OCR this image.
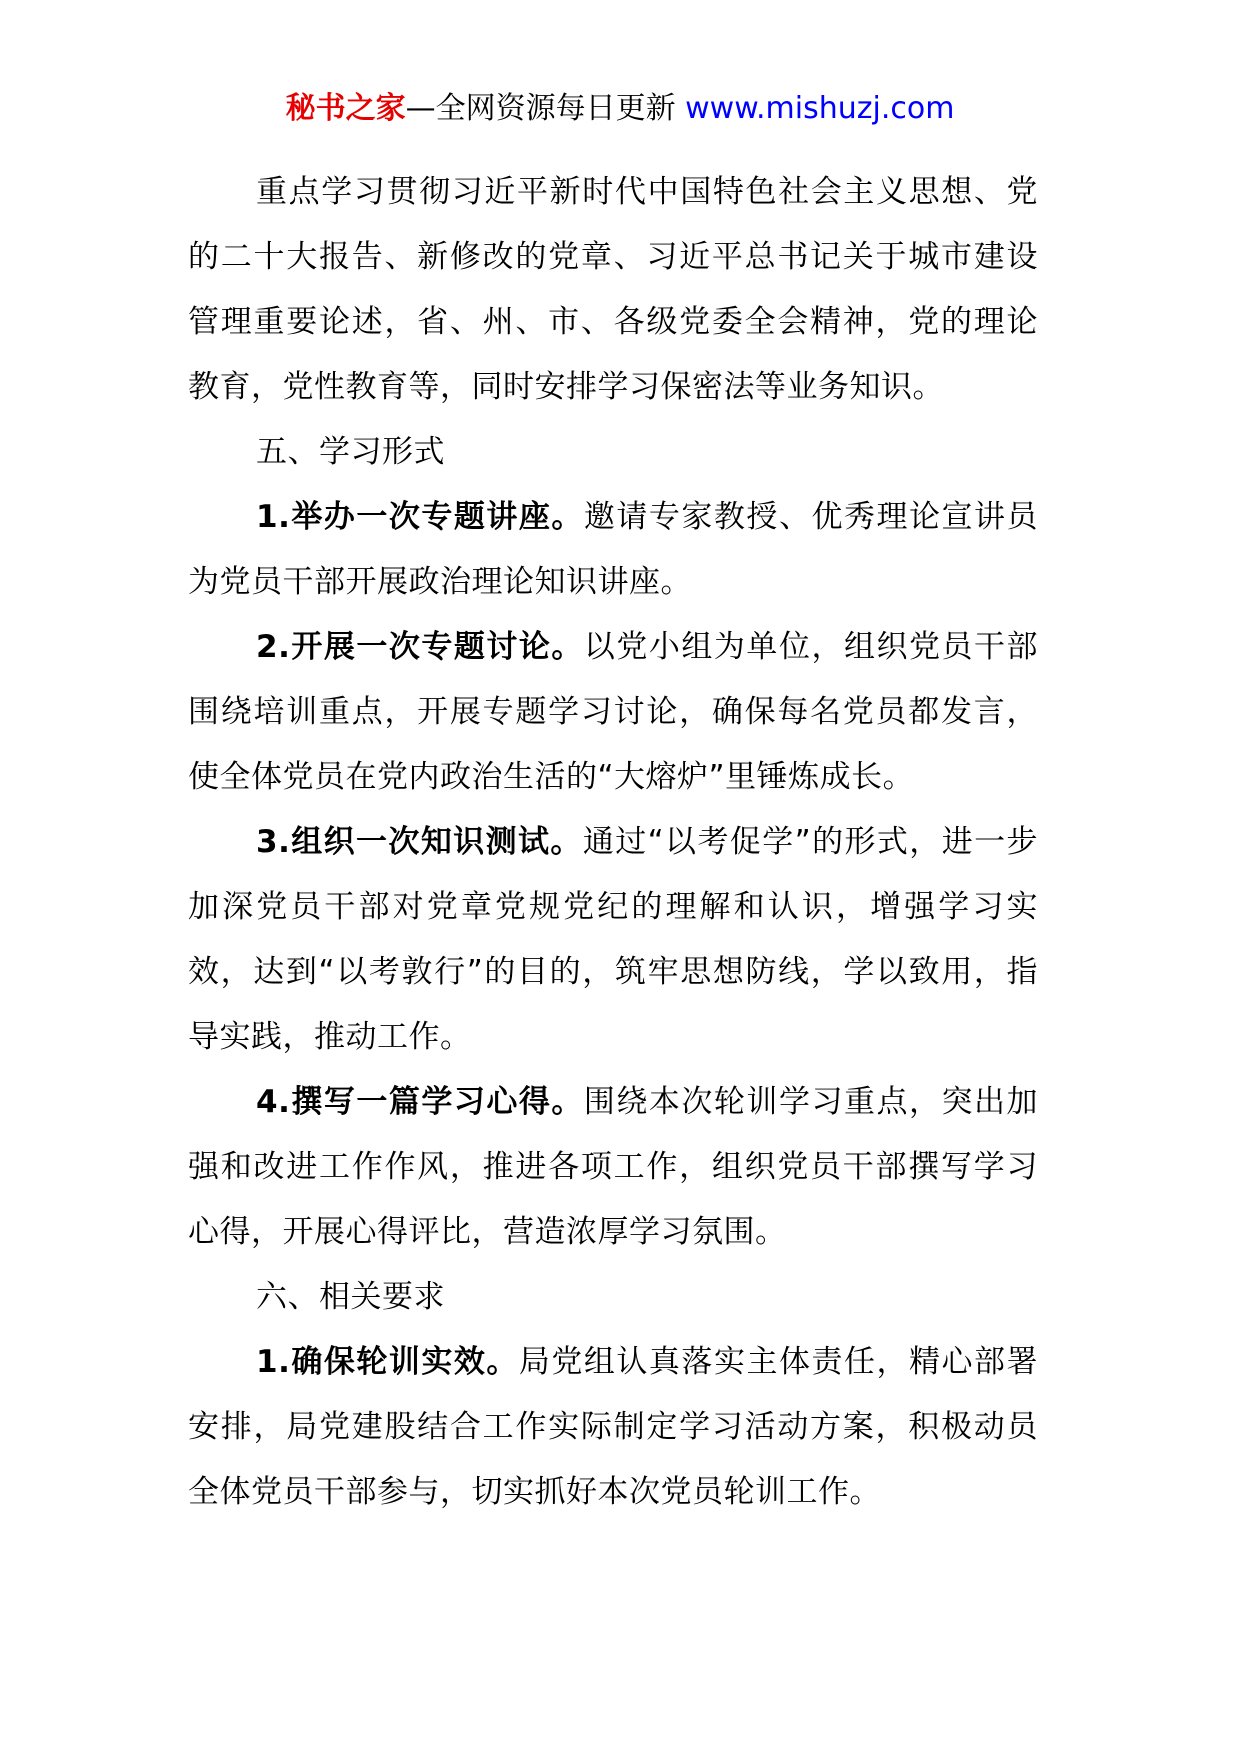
秘书之家—全网资源每日更新 www.mishuzj.com

重点学习贯彻习近平新时代中国特色社会主义思想、党的二十大报告、新修改的党章、习近平总书记关于城市建设管理重要论述，省、州、市、各级党委全会精神，党的理论教育，党性教育等，同时安排学习保密法等业务知识。

五、学习形式

1.举办一次专题讲座。邀请专家教授、优秀理论宣讲员为党员干部开展政治理论知识讲座。

2.开展一次专题讨论。以党小组为单位，组织党员干部围绕培训重点，开展专题学习讨论，确保每名党员都发言，使全体党员在党内政治生活的“大熔炉”里锤炼成长。

3.组织一次知识测试。通过“以考促学”的形式，进一步加深党员干部对党章党规党纪的理解和认识，增强学习实效，达到“以考敦行”的目的，筑牢思想防线，学以致用，指导实践，推动工作。

4.撰写一篇学习心得。围绕本次轮训学习重点，突出加强和改进工作作风，推进各项工作，组织党员干部撰写学习心得，开展心得评比，营造浓厚学习氛围。

六、相关要求

1.确保轮训实效。局党组认真落实主体责任，精心部署安排，局党建股结合工作实际制定学习活动方案，积极动员全体党员干部参与，切实抓好本次党员轮训工作。
